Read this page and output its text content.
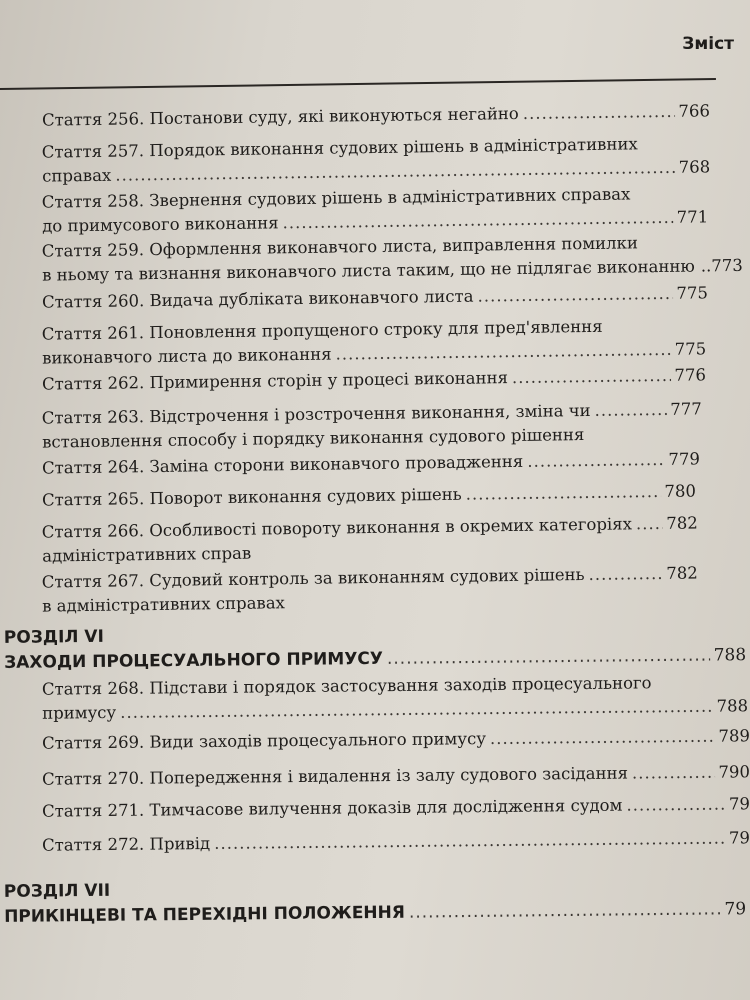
Зміст
Стаття 256. Постанови суду, які виконуються негайно .....	766
Стаття 257. Порядок виконання судових рішень в адміністративних
справах .....	768
Стаття 258. Звернення судових рішень в адміністративних справах
до примусового виконання .....	771
Стаття 259. Оформлення виконавчого листа, виправлення помилки
в ньому та визнання виконавчого листа таким, що не підлягає виконанню .. 773
Стаття 260. Видача дубліката виконавчого листа .....	775
Стаття 261. Поновлення пропущеного строку для пред'явлення
виконавчого листа до виконання .....	775
Стаття 262. Примирення сторін у процесі виконання .....	776
Стаття 263. Відстрочення і розстрочення виконання, зміна чи .....	777
встановлення способу і порядку виконання судового рішення
Стаття 264. Заміна сторони виконавчого провадження .....	779
Стаття 265. Поворот виконання судових рішень .....	780
Стаття 266. Особливості повороту виконання в окремих категоріях ..... 782
адміністративних справ
Стаття 267. Судовий контроль за виконанням судових рішень .....	782
в адміністративних справах
РОЗДІЛ VI
ЗАХОДИ ПРОЦЕСУАЛЬНОГО ПРИМУСУ .....	788
Стаття 268. Підстави і порядок застосування заходів процесуального
примусу .....	788
Стаття 269. Види заходів процесуального примусу .....	789
Стаття 270. Попередження і видалення із залу судового засідання .....	790
Стаття 271. Тимчасове вилучення доказів для дослідження судом .....	79
Стаття 272. Привід .....	79
РОЗДІЛ VII
ПРИКІНЦЕВІ ТА ПЕРЕХІДНІ ПОЛОЖЕННЯ .....	79
